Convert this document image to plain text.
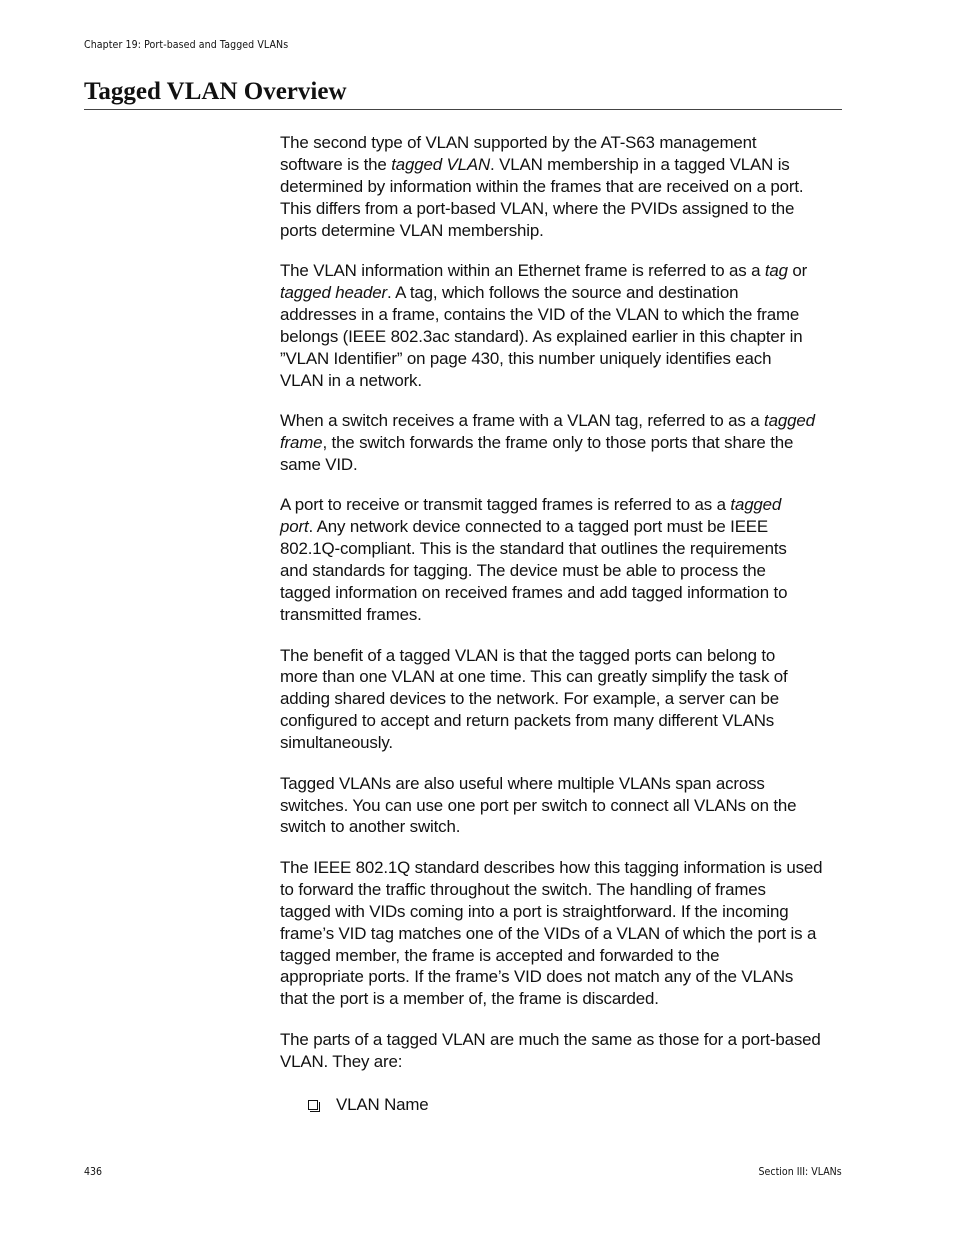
Chapter 19: Port-based and Tagged VLANs
Tagged VLAN Overview
The second type of VLAN supported by the AT-S63 management
software is the tagged VLAN. VLAN membership in a tagged VLAN is
determined by information within the frames that are received on a port.
This differs from a port-based VLAN, where the PVIDs assigned to the
ports determine VLAN membership.
The VLAN information within an Ethernet frame is referred to as a tag or
tagged header. A tag, which follows the source and destination
addresses in a frame, contains the VID of the VLAN to which the frame
belongs (IEEE 802.3ac standard). As explained earlier in this chapter in
”VLAN Identifier” on page 430, this number uniquely identifies each
VLAN in a network.
When a switch receives a frame with a VLAN tag, referred to as a tagged
frame, the switch forwards the frame only to those ports that share the
same VID.
A port to receive or transmit tagged frames is referred to as a tagged
port. Any network device connected to a tagged port must be IEEE
802.1Q-compliant. This is the standard that outlines the requirements
and standards for tagging. The device must be able to process the
tagged information on received frames and add tagged information to
transmitted frames.
The benefit of a tagged VLAN is that the tagged ports can belong to
more than one VLAN at one time. This can greatly simplify the task of
adding shared devices to the network. For example, a server can be
configured to accept and return packets from many different VLANs
simultaneously.
Tagged VLANs are also useful where multiple VLANs span across
switches. You can use one port per switch to connect all VLANs on the
switch to another switch.
The IEEE 802.1Q standard describes how this tagging information is used
to forward the traffic throughout the switch. The handling of frames
tagged with VIDs coming into a port is straightforward. If the incoming
frame’s VID tag matches one of the VIDs of a VLAN of which the port is a
tagged member, the frame is accepted and forwarded to the
appropriate ports. If the frame’s VID does not match any of the VLANs
that the port is a member of, the frame is discarded.
The parts of a tagged VLAN are much the same as those for a port-based
VLAN. They are:
VLAN Name
436	Section III: VLANs
